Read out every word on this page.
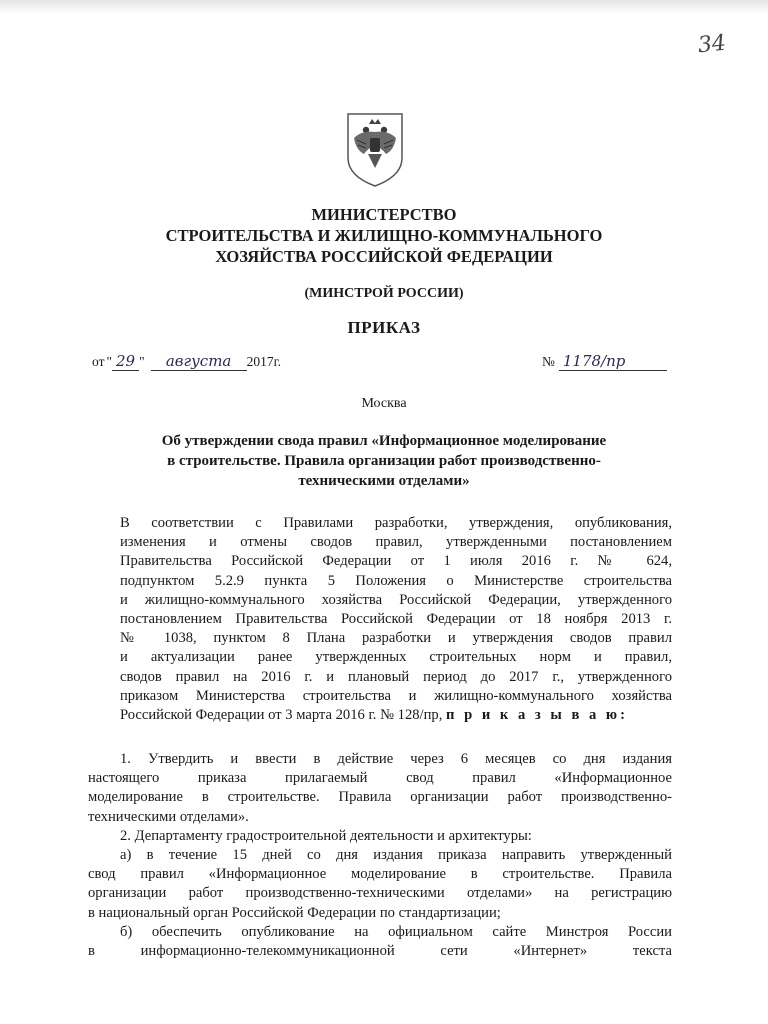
34
МИНИСТЕРСТВО
СТРОИТЕЛЬСТВА И ЖИЛИЩНО-КОММУНАЛЬНОГО
ХОЗЯЙСТВА РОССИЙСКОЙ ФЕДЕРАЦИИ
(МИНСТРОЙ РОССИИ)
ПРИКАЗ
от " 29 "	августа	2017 г.	№ 1178/пр
Москва
Об утверждении свода правил «Информационное моделирование
в строительстве. Правила организации работ производственно-
техническими отделами»
В соответствии с Правилами разработки, утверждения, опубликования,
изменения и отмены сводов правил, утвержденными постановлением
Правительства Российской Федерации от 1 июля 2016 г. № 624,
подпунктом 5.2.9 пункта 5 Положения о Министерстве строительства
и жилищно-коммунального хозяйства Российской Федерации, утвержденного
постановлением Правительства Российской Федерации от 18 ноября 2013 г.
№ 1038, пунктом 8 Плана разработки и утверждения сводов правил
и актуализации ранее утвержденных строительных норм и правил,
сводов правил на 2016 г. и плановый период до 2017 г., утвержденного
приказом Министерства строительства и жилищно-коммунального хозяйства
Российской Федерации от 3 марта 2016 г. № 128/пр, п р и к а з ы в а ю:
1. Утвердить и ввести в действие через 6 месяцев со дня издания
настоящего приказа прилагаемый свод правил «Информационное
моделирование в строительстве. Правила организации работ производственно-
техническими отделами».
2. Департаменту градостроительной деятельности и архитектуры:
а) в течение 15 дней со дня издания приказа направить утвержденный
свод правил «Информационное моделирование в строительстве. Правила
организации работ производственно-техническими отделами» на регистрацию
в национальный орган Российской Федерации по стандартизации;
б) обеспечить опубликование на официальном сайте Минстроя России
в информационно-телекоммуникационной сети «Интернет» текста
